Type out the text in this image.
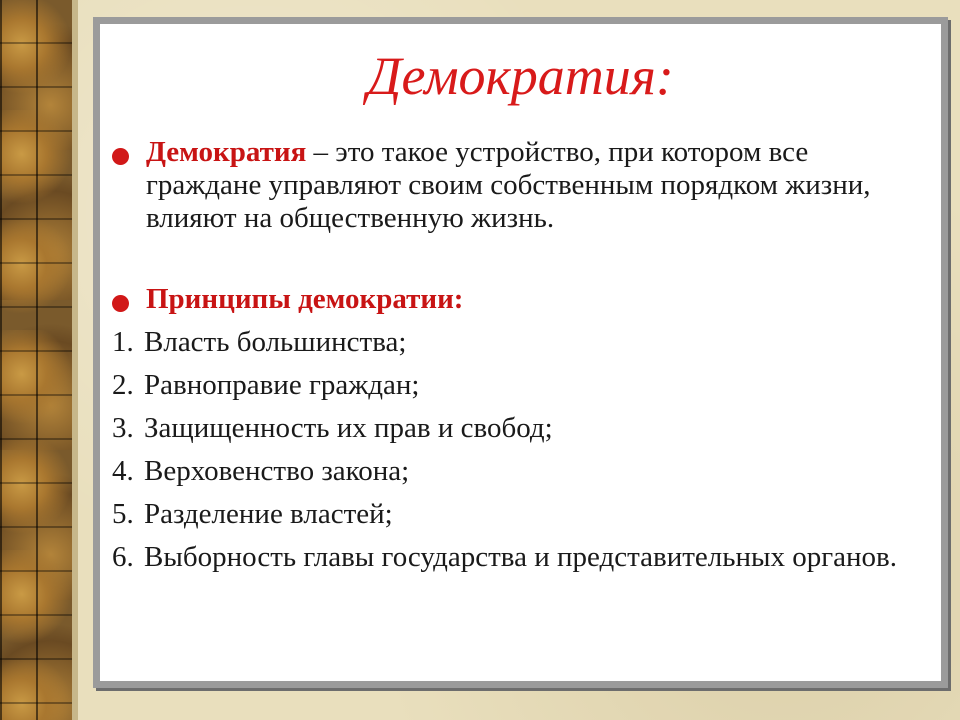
Демократия:
Демократия – это такое устройство, при котором все граждане управляют своим собственным порядком жизни, влияют на общественную жизнь.
Принципы демократии:
1. Власть большинства;
2. Равноправие граждан;
3. Защищенность их прав и свобод;
4. Верховенство закона;
5. Разделение властей;
6. Выборность главы государства и представительных органов.
